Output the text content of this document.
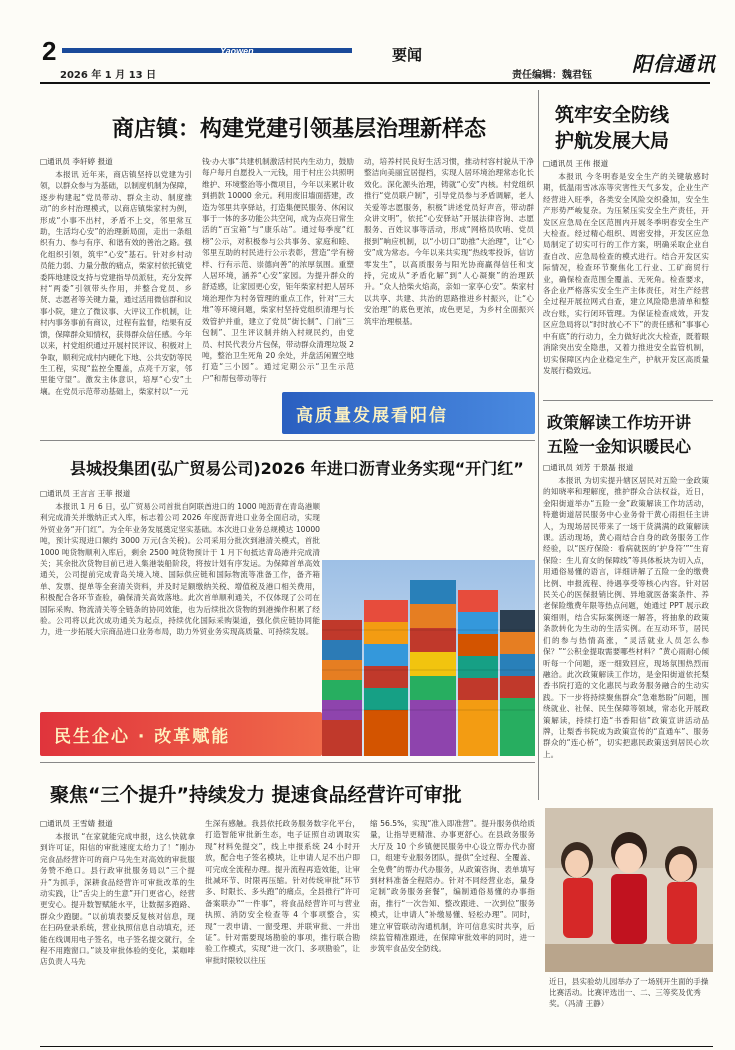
2	Yaowen	要闻
2026 年 1 月 13 日	责任编辑：魏君钰 阳信通讯
商店镇：构建党建引领基层治理新样态
□通讯员 李轩婷 报道

本报讯 近年来，商店镇坚持以党建为引领，以群众参与为基础，以制度机制为保障，逐步构建起“党员带动、群众主动、制度推动”的乡村治理模式，以商店镇柴家村为例，形成“小事不出村，矛盾不上交，邻里常互助，生活均心安”的治理新局面，走出一条组织有力、参与有序、和谐有效的善治之路。强化组织引领，筑牢“心安”基石。针对乡村动员能力弱、力量分散的痛点，柴家村依托镇党委阵地建设支持与党建指导员派驻，充分发挥村“两委”引领带头作用，并整合党员、乡贤、志愿者等关键力量，通过活用微信群和议事小院，建立了微议事、大评议工作机制，让村内事务事前有商议，过程有监督，结果有反馈，保障群众知情权，获得群众信任感。今年以来，村党组织通过开展村民评议、积极对上争取，顺利完成村内硬化下地、公共安防等民生工程，实现“监控全覆盖，点亮千万家，邻里能守望”。激发主体意识，培厚“心安”土壤。在党员示范带动基础上，柴家村以“一元

钱·办大事”共建机制激活村民内生动力，鼓励每户每月自愿投入一元钱，用于村庄公共照明维护、环境整治等小微项目，今年以来累计收到捐款 10000 余元。利用废旧墙面搭建，改造为邻里共享驿站，打造集便民服务、休闲议事于一体的多功能公共空间，成为点亮日常生活的“百宝箱”与“康乐站”。通过每季度“红榜”公示，对积极参与公共事务、家庭和睦、邻里互助的村民进行公示表彰，营造“学有榜样、行有示范、崇德向善”的浓厚氛围。重塑人居环境，涵养“心安”家园。为提升群众的舒适感，让家园更心安，钜年柴家村把人居环境治理作为村务管理的重点工作，针对“三大堆”等环境问题，柴家村坚持党组织清理与长效管护并重，建立了党员“街长制”、门前“三包制”、卫生评议制并纳入村规民约，由党员、村民代表分片包保，带动群众清理垃圾 2 吨，整治卫生死角 20 余处，并盘活闲置空地打造“三小园”。通过定期公示“卫生示范户”和帮包带动等行

动，培养村民良好生活习惯，推动村容村貌从干净整洁向美丽宜居提档，实现人居环境治理常态化长效化。深化源头治理，铸就“心安”内核。村党组织推行“党员联户制”，引导党员参与矛盾调解，老人关爱等志愿服务，积极“讲述党员好声音，带动群众讲文明”，依托“心安驿站”开展法律咨询、志愿服务、百姓议事等活动，形成“网格员吹哨、党员报到”响应机制，以“小切口”助推“大治理”，让“心安”成为常态。今年以来共实现“热线零投诉，信访零发生”，以高质服务与阳光协商赢得信任和支持，完成从“矛盾化解”到“人心凝聚”的治理跃升。“众人拾柴火焰高，亲如一家享心安”。柴家村以共享、共建、共治的思路推进乡村振兴，让“心安治理”的底色更浓，成色更足，为乡村全面振兴筑牢治理根基。

高质量发展看阳信
筑牢安全防线
护航发展大局
□通讯员 王伟 报道

本报讯 今冬明春是安全生产的关键敏感时期，低温雨雪冰冻等灾害性天气多发，企业生产经营进入旺季，各类安全风险交织叠加，安全生产形势严峻复杂。为压紧压实安全生产责任，开发区应急局在全区范围内开展冬季明春安全生产大检查。经过精心组织、周密安排，开发区应急局制定了切实可行的工作方案，明确采取企业自查自改、应急局检查的模式进行。结合开发区实际情况，检查环节聚焦化工行业、工矿商贸行业，确保检查范围全覆盖、无死角。检查要求，各企业严格落实安全生产主体责任，对生产经营全过程开展拉网式自查，建立风险隐患清单和整改台账，实行闭环管理。为保证检查成效，开发区应急局将以“时时放心不下”的责任感和“事事心中有底”的行动力，全力做好此次大检查，既着眼消除突出安全隐患，又着力推进安全监管机制，切实保障区内企业稳定生产，护航开发区高质量发展行稳致远。

政策解读工作坊开讲
五险一金知识暖民心
□通讯员 刘芳 于景磊 报道

本报讯 为切实提升辖区居民对五险一金政策的知晓率和理解度，推护群众合法权益，近日，金阳街道举办“五险一金”政策解读工作坊活动，特邀街道居民服务中心业务骨干黄心雨担任主讲人，为现场居民带来了一场干货满满的政策解读课。活动现场，黄心雨结合自身的政务服务工作经验，以“医疗保险：看病就医的‘护身符’”“生育保险：生儿育女的保障线”等具体板块为切入点，用通俗易懂的语言，详细讲解了五险一金的缴费比例、申报流程、待遇享受等核心内容。针对居民关心的医保报销比例、异地就医备案条件、养老保险缴费年限等热点问题，她通过 PPT 展示政策细则，结合实际案例逐一解答，将抽象的政策条款转化为生动的生活实例。在互动环节，居民们的参与热情高涨，“灵活就业人员怎么参保？”“公积金提取需要哪些材料？”黄心雨耐心倾听每一个问题，逐一细致回应，现场氛围热烈而融洽。此次政策解读工作坊，是金阳街道依托梨香书院打造的文化惠民与政务服务融合的生动实践。下一步将持续聚焦群众“急难愁盼”问题，围绕就业、社保、民生保障等领域，常态化开展政策解读，持续打造“书香阳信”政策宣讲活动品牌，让梨香书院成为政策宣传的“直通车”、服务群众的“连心桥”，切实把惠民政策送到居民心坎上。

县城投集团(弘广贸易公司)2026 年进口沥青业务实现“开门红”
□通讯员 王言言 王菲 报道

本报讯 1 月 6 日，弘广贸易公司首批自阿联酋进口的 1000 吨沥青在青岛港顺利完成清关并缴纳正式入库，标志着公司 2026 年度沥青进口业务全面启动，实现外贸业务“开门红”。为全年业务发展奠定坚实基础。本次进口业务总规模达 10000 吨，预计实现进口额约 3000 万元(含关税)。公司采用分批次到港清关模式，首批 1000 吨货物顺利入库后，剩余 2500 吨货物预计于 1 月下旬抵达青岛港并完成清关；其余批次货物目前已进入集港装船阶段，将按计划有序发运。为保障首单高效通关，公司提前完成青岛关境入境、国际供应链和国际物流等准备工作，备齐箱单、发票、提单等全套清关资料，并及时足额缴纳关税、增值税及港口相关费用，积极配合各环节查验，确保清关高效落地。此次首单顺利通关，不仅体现了公司在国际采购、物流清关等全链条的协同效能，也为后续批次货物的到港操作积累了经验。公司将以此次成功通关为起点，持续优化国际采购渠道，强化供应链协同能力，进一步拓展大宗商品进口业务布局，助力外贸业务实现高质量、可持续发展。

民生企心 · 改革赋能
聚焦“三个提升”持续发力 提速食品经营许可审批
□通讯员 王雪婧 报道

本报讯 “在家就能完成申报，这么快就拿到许可证，阳信的审批速度太给力了！”刚办完食品经营许可的商户马先生对高效的审批服务赞不绝口。县行政审批服务局以“三个提升”为抓手，深耕食品经营许可审批改革的生动实践，让“舌尖上的生意”开门更省心，经营更安心。提升数智赋能水平，让数据多跑路、群众少跑腿。“以前填表要反复核对信息，现在扫码登录系统，营业执照信息自动填充，还能在线调用电子签名，电子签名提交就行，全程不用跑窗口。”谈及审批体验的变化，某咖啡店负责人马先

生深有感触。我县依托政务服务数字化平台，打造智能审批新生态，电子证照自动调取实现“材料免提交”，线上申报系统 24 小时开放，配合电子签名模块，让申请人足不出户即可完成全流程办理。提升流程再造效能，让审批减环节、时限再压缩。针对传统审批“环节多、时限长、多头跑”的痛点，全县推行“许可备案联办”“一件事”，将食品经营许可与营业执照、消防安全检查等 4 个事项整合，实现“一表申请、一窗受理、并联审批、一并出证”。针对需要现场勘验的事项，推行联合勘验工作模式，实现“进一次门、多项勘验”，让审批时限较以往压

缩 56.5%，实现“准入即准营”。提升服务供给质量，让指导更精准、办事更舒心。在县政务服务大厅及 10 个乡镇便民服务中心设立帮办代办窗口，组建专业服务团队，提供“全过程、全覆盖、全免费”的帮办代办服务，从政策咨询、表单填写到材料准备全程陪办。针对不同经营业态，量身定制“政务服务套餐”，编制通俗易懂的办事指南，推行“一次告知、整改跟进、一次到位”服务模式，让申请人“补缴易懂、轻松办理”。同时，建立审管联动沟通机制，许可信息实时共享，后续监管精准跟进，在保障审批效率的同时，进一步筑牢食品安全防线。

近日，县实验幼儿园举办了一场别开生面的手操比赛活动。比赛评选出一、二、三等奖及优秀奖。（冯清 王静）
